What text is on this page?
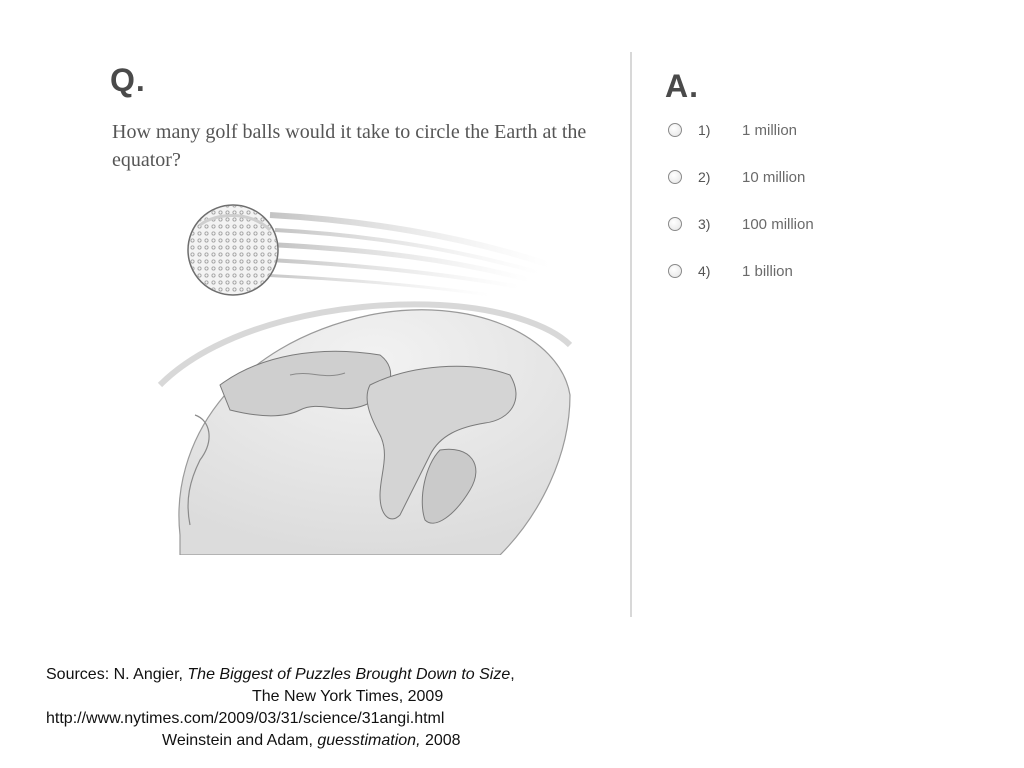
Q.
How many golf balls would it take to circle the Earth at the equator?
A.
1)	1 million
2)	10 million
3)	100 million
4)	1 billion
Sources: N. Angier, The Biggest of Puzzles Brought Down to Size,
The New York Times, 2009
http://www.nytimes.com/2009/03/31/science/31angi.html
Weinstein and Adam, guesstimation, 2008
